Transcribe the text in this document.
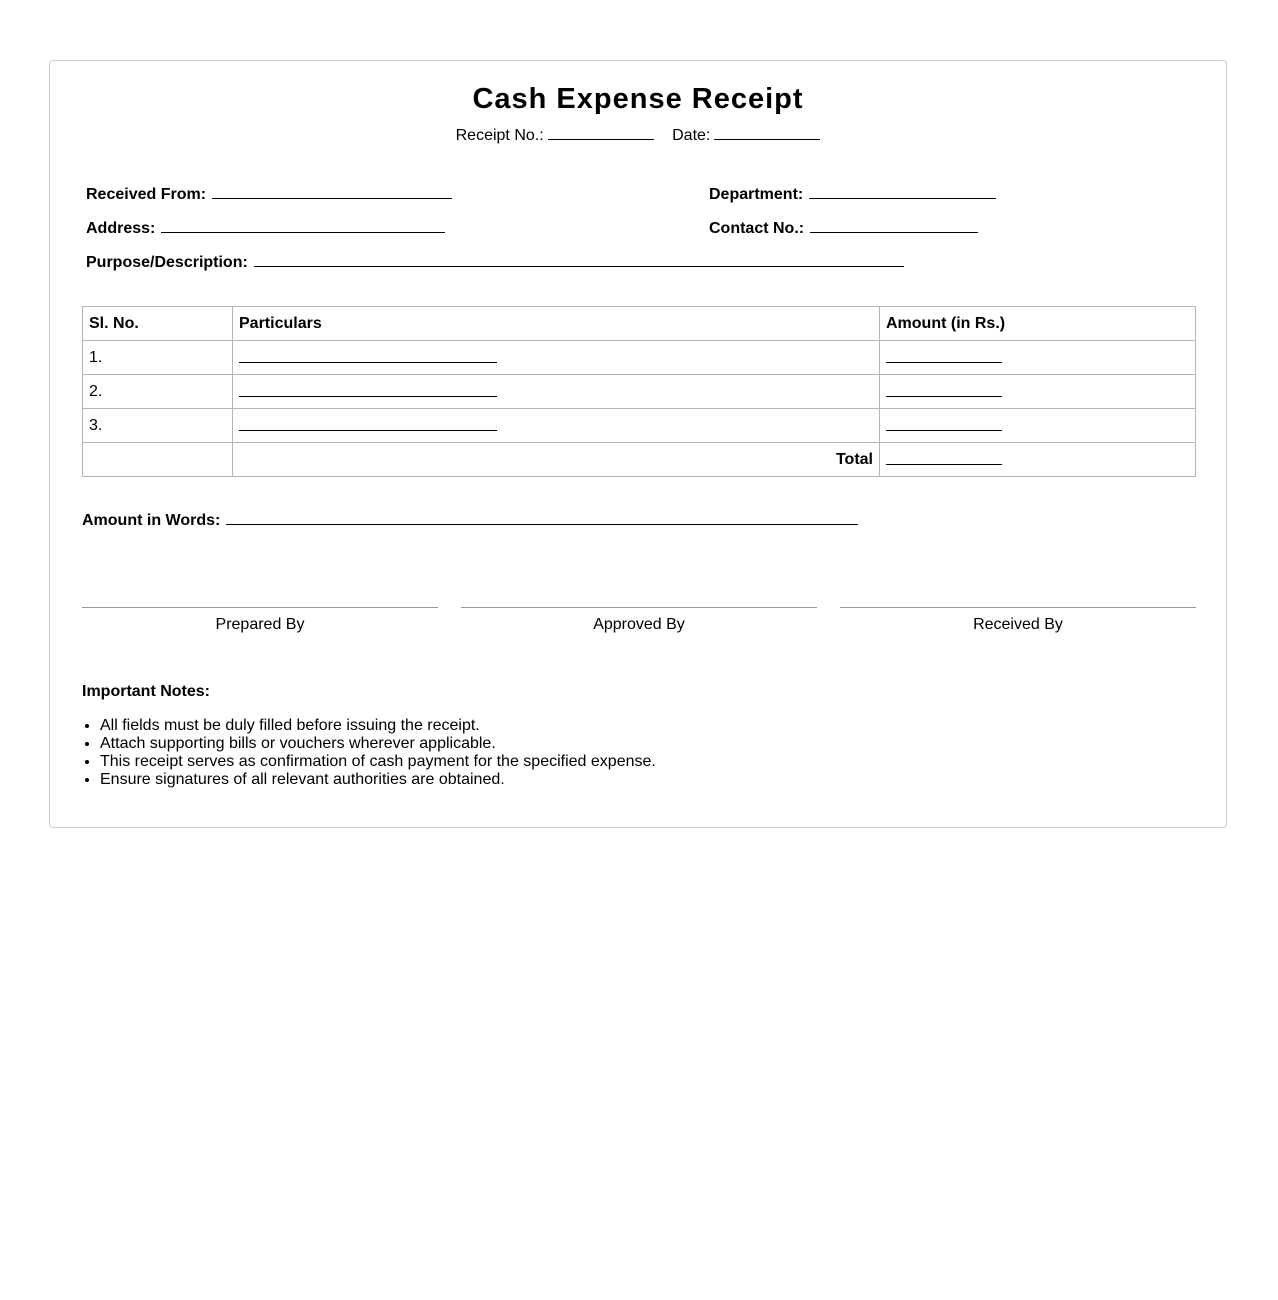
Cash Expense Receipt
Receipt No.:	Date:
Received From:	Department:
Address:	Contact No.:
Purpose/Description:
Sl. No.	Particulars	Amount (in Rs.)
1.		
2.		
3.		
	Total	
Amount in Words:
Prepared By	Approved By	Received By
Important Notes:
• All fields must be duly filled before issuing the receipt.
• Attach supporting bills or vouchers wherever applicable.
• This receipt serves as confirmation of cash payment for the specified expense.
• Ensure signatures of all relevant authorities are obtained.
